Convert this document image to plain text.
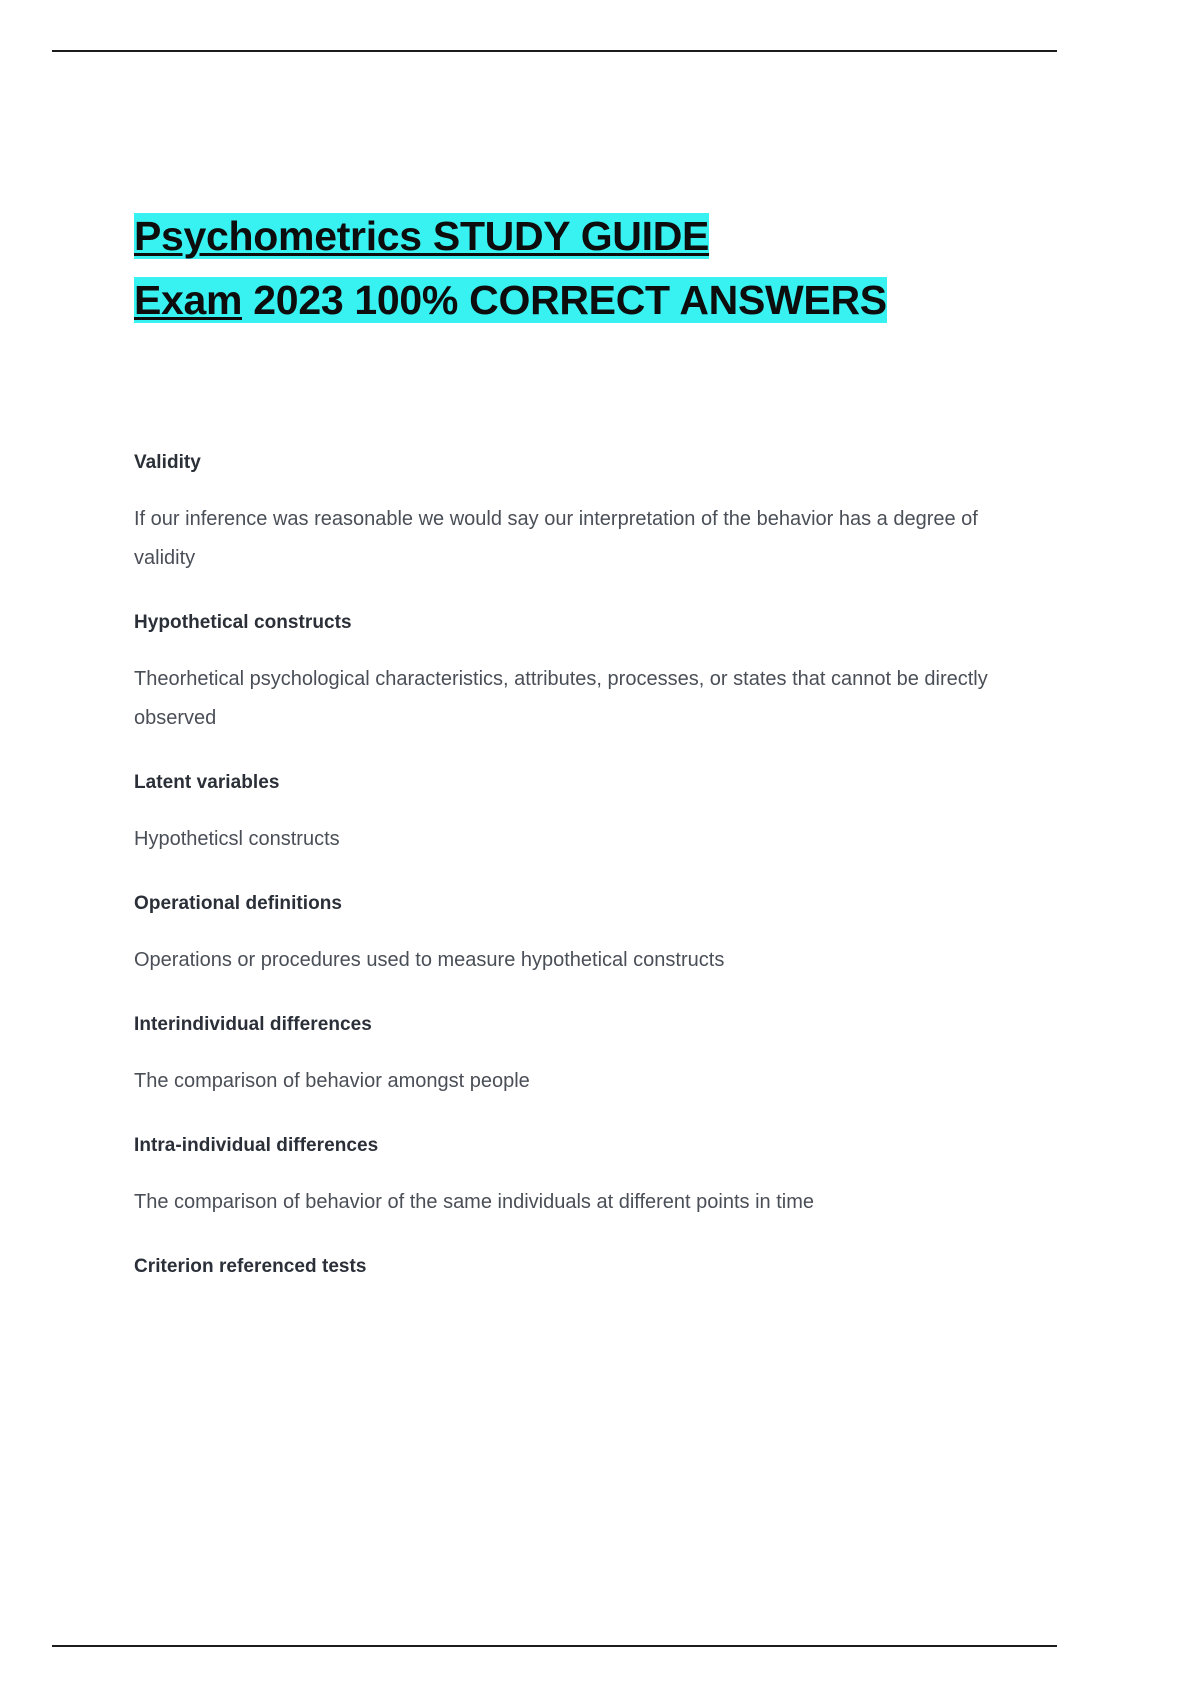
Psychometrics STUDY GUIDE
Exam 2023 100% CORRECT ANSWERS

Validity

If our inference was reasonable we would say our interpretation of the behavior has a degree of validity

Hypothetical constructs

Theorhetical psychological characteristics, attributes, processes, or states that cannot be directly observed

Latent variables

Hypotheticsl constructs

Operational definitions

Operations or procedures used to measure hypothetical constructs

Interindividual differences

The comparison of behavior amongst people

Intra-individual differences

The comparison of behavior of the same individuals at different points in time

Criterion referenced tests
